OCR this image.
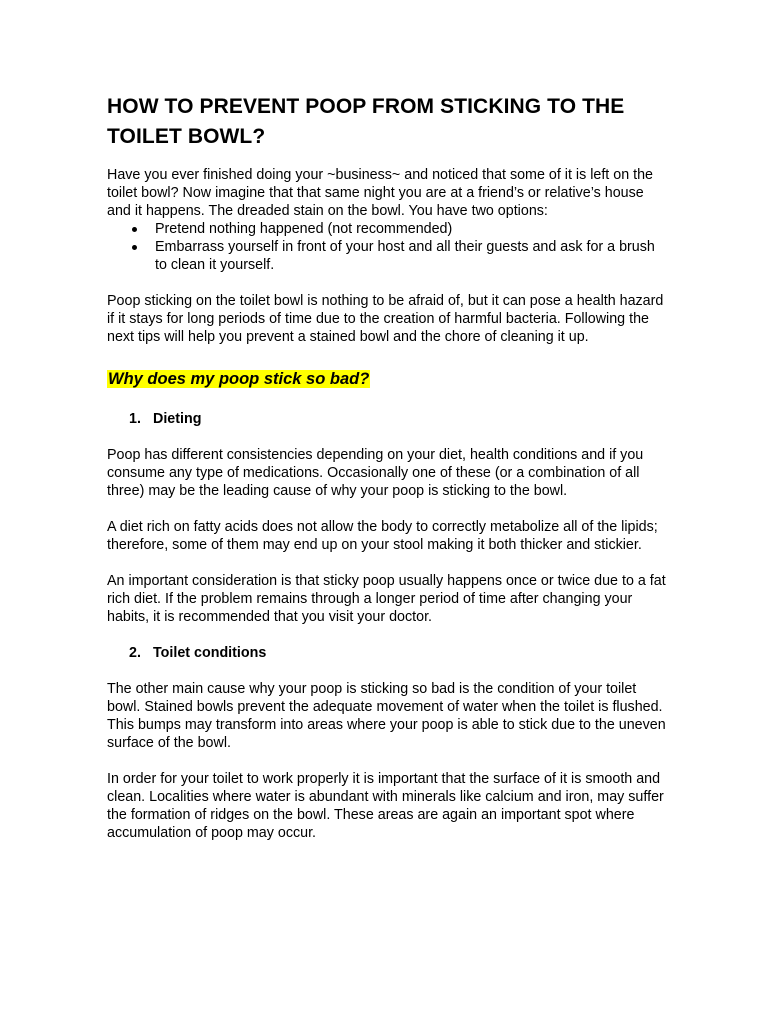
HOW TO PREVENT POOP FROM STICKING TO THE TOILET BOWL?

Have you ever finished doing your ~business~ and noticed that some of it is left on the toilet bowl? Now imagine that that same night you are at a friend’s or relative’s house and it happens. The dreaded stain on the bowl. You have two options:

Pretend nothing happened (not recommended)
Embarrass yourself in front of your host and all their guests and ask for a brush to clean it yourself.

Poop sticking on the toilet bowl is nothing to be afraid of, but it can pose a health hazard if it stays for long periods of time due to the creation of harmful bacteria. Following the next tips will help you prevent a stained bowl and the chore of cleaning it up.

Why does my poop stick so bad?
1. Dieting

Poop has different consistencies depending on your diet, health conditions and if you consume any type of medications. Occasionally one of these (or a combination of all three) may be the leading cause of why your poop is sticking to the bowl.

A diet rich on fatty acids does not allow the body to correctly metabolize all of the lipids; therefore, some of them may end up on your stool making it both thicker and stickier.

An important consideration is that sticky poop usually happens once or twice due to a fat rich diet. If the problem remains through a longer period of time after changing your habits, it is recommended that you visit your doctor.

2. Toilet conditions

The other main cause why your poop is sticking so bad is the condition of your toilet bowl. Stained bowls prevent the adequate movement of water when the toilet is flushed. This bumps may transform into areas where your poop is able to stick due to the uneven surface of the bowl.

In order for your toilet to work properly it is important that the surface of it is smooth and clean. Localities where water is abundant with minerals like calcium and iron, may suffer the formation of ridges on the bowl. These areas are again an important spot where accumulation of poop may occur.
